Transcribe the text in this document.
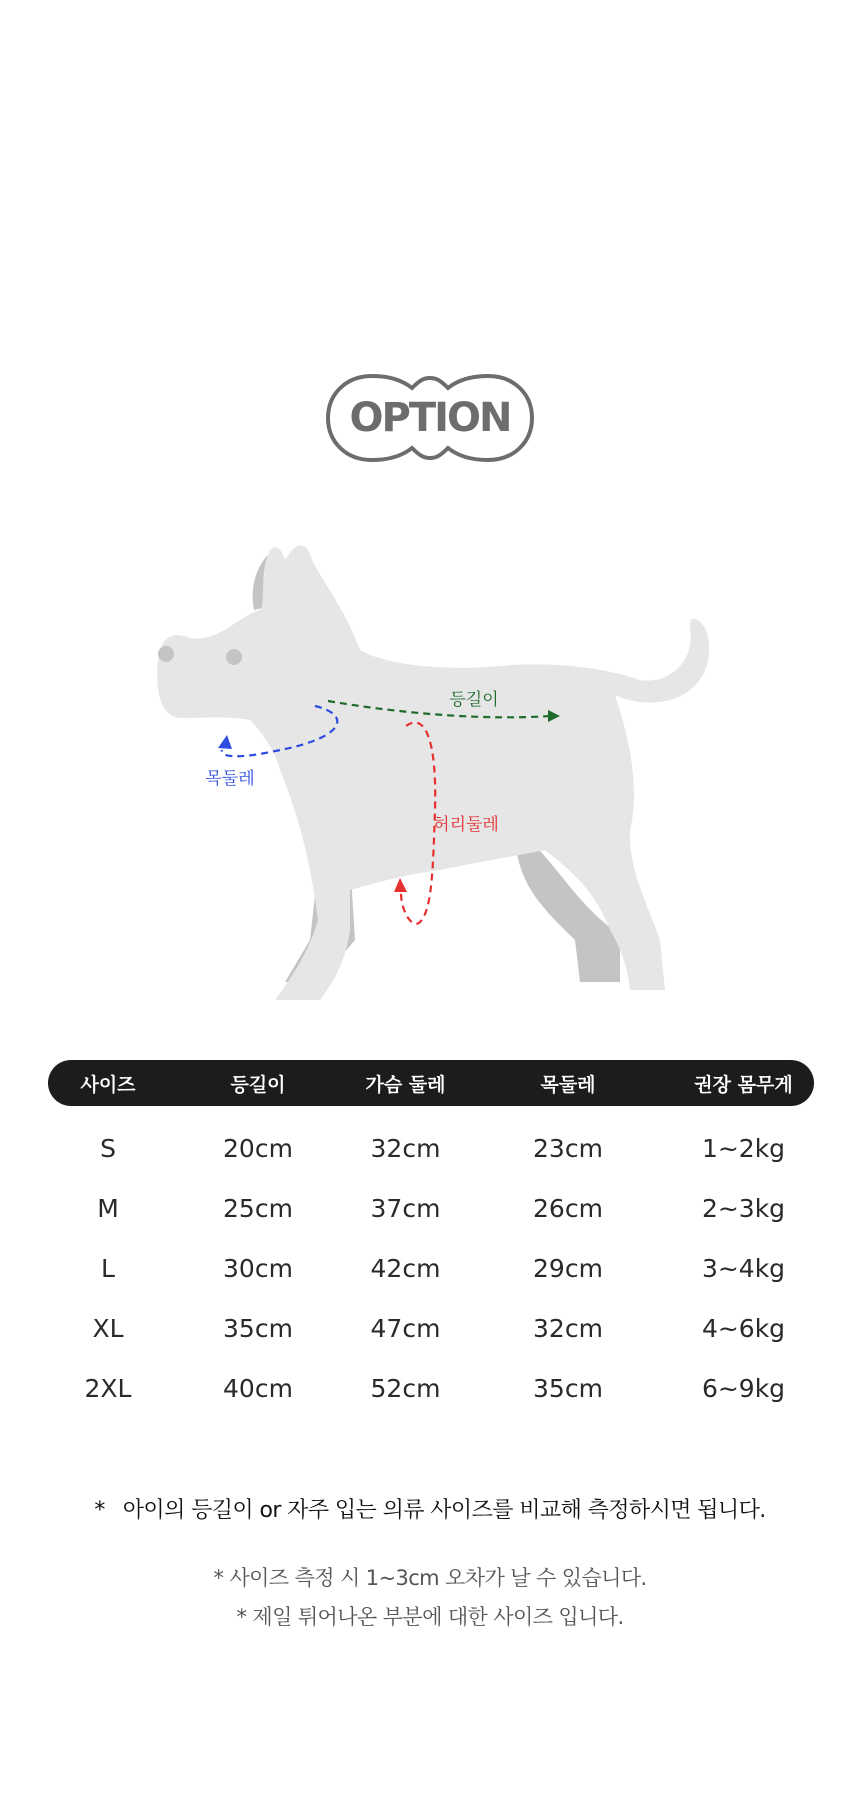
OPTION
등길이
목둘레
허리둘레
사이즈	등길이	가슴 둘레	목둘레	권장 몸무게
S	20cm	32cm	23cm	1~2kg
M	25cm	37cm	26cm	2~3kg
L	30cm	42cm	29cm	3~4kg
XL	35cm	47cm	32cm	4~6kg
2XL	40cm	52cm	35cm	6~9kg
* 아이의 등길이 or 자주 입는 의류 사이즈를 비교해 측정하시면 됩니다.
* 사이즈 측정 시 1~3cm 오차가 날 수 있습니다.
* 제일 튀어나온 부분에 대한 사이즈 입니다.
